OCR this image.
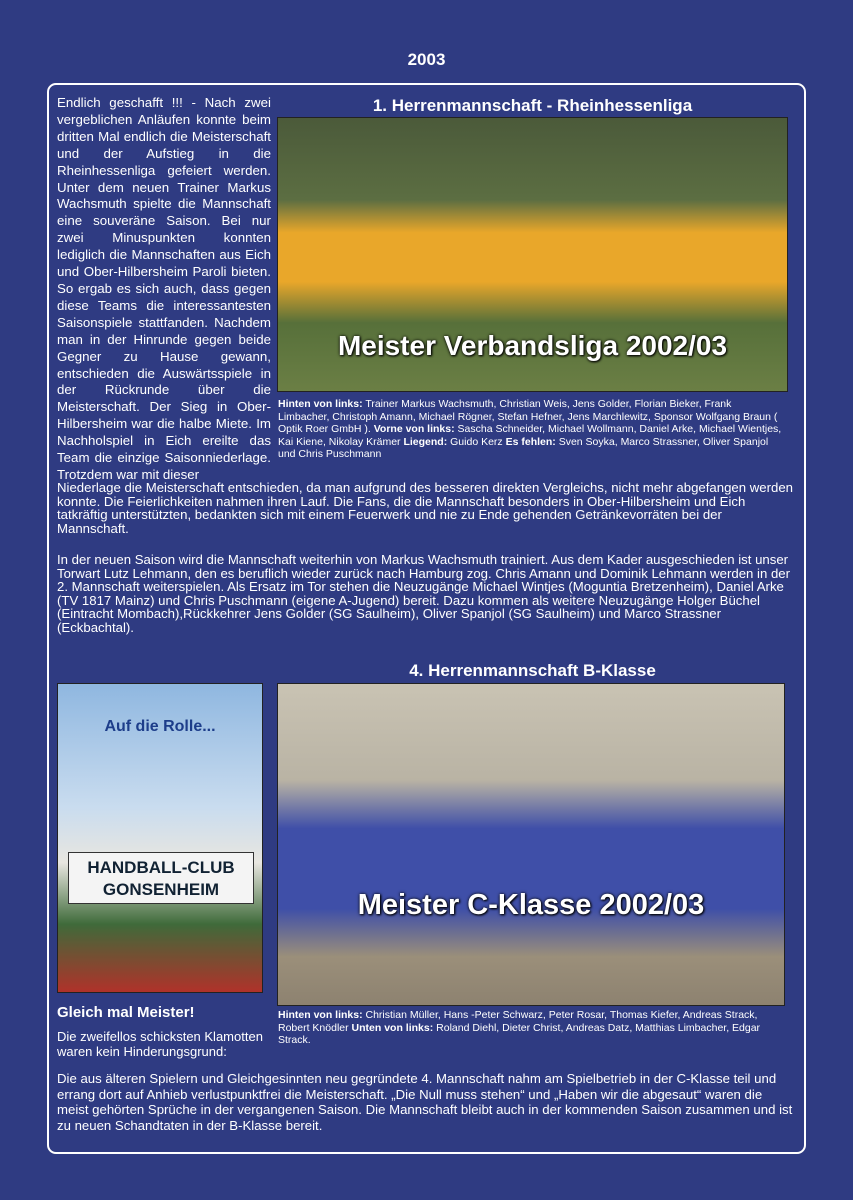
2003
Endlich geschafft !!! - Nach zwei vergeblichen Anläufen konnte beim dritten Mal endlich die Meisterschaft und der Aufstieg in die Rheinhessenliga gefeiert werden. Unter dem neuen Trainer Markus Wachsmuth spielte die Mannschaft eine souveräne Saison. Bei nur zwei Minuspunkten konnten lediglich die Mannschaften aus Eich und Ober-Hilbersheim Paroli bieten. So ergab es sich auch, dass gegen diese Teams die interessantesten Saisonspiele stattfanden. Nachdem man in der Hinrunde gegen beide Gegner zu Hause gewann, entschieden die Auswärtsspiele in der Rückrunde über die Meisterschaft. Der Sieg in Ober-Hilbersheim war die halbe Miete. Im Nachholspiel in Eich ereilte das Team die einzige Saisonniederlage. Trotzdem war mit dieser
1. Herrenmannschaft - Rheinhessenliga
Meister Verbandsliga 2002/03
Hinten von links: Trainer Markus Wachsmuth, Christian Weis, Jens Golder, Florian Bieker, Frank Limbacher, Christoph Amann, Michael Rögner, Stefan Hefner, Jens Marchlewitz, Sponsor Wolfgang Braun ( Optik Roer GmbH ). Vorne von links: Sascha Schneider, Michael Wollmann, Daniel Arke, Michael Wientjes, Kai Kiene, Nikolay Krämer Liegend: Guido Kerz Es fehlen: Sven Soyka, Marco Strassner, Oliver Spanjol und Chris Puschmann
Niederlage die Meisterschaft entschieden, da man aufgrund des besseren direkten Vergleichs, nicht mehr abgefangen werden konnte. Die Feierlichkeiten nahmen ihren Lauf. Die Fans, die die Mannschaft besonders in Ober-Hilbersheim und Eich tatkräftig unterstützten, bedankten sich mit einem Feuerwerk und nie zu Ende gehenden Getränkevorräten bei der Mannschaft.
In der neuen Saison wird die Mannschaft weiterhin von Markus Wachsmuth trainiert. Aus dem Kader ausgeschieden ist unser Torwart Lutz Lehmann, den es beruflich wieder zurück nach Hamburg zog. Chris Amann und Dominik Lehmann werden in der 2. Mannschaft weiterspielen. Als Ersatz im Tor stehen die Neuzugänge Michael Wintjes (Moguntia Bretzenheim), Daniel Arke (TV 1817 Mainz) und Chris Puschmann (eigene A-Jugend) bereit. Dazu kommen als weitere Neuzugänge Holger Büchel (Eintracht Mombach),Rückkehrer Jens Golder (SG Saulheim), Oliver Spanjol (SG Saulheim) und Marco Strassner (Eckbachtal).
4. Herrenmannschaft B-Klasse
Auf die Rolle...
HANDBALL-CLUB GONSENHEIM	Meister C-Klasse 2002/03
Hinten von links: Christian Müller, Hans -Peter Schwarz, Peter Rosar, Thomas Kiefer, Andreas Strack, Robert Knödler Unten von links: Roland Diehl, Dieter Christ, Andreas Datz, Matthias Limbacher, Edgar Strack.
Gleich mal Meister!
Die zweifellos schicksten Klamotten waren kein Hinderungsgrund:
Die aus älteren Spielern und Gleichgesinnten neu gegründete 4. Mannschaft nahm am Spielbetrieb in der C-Klasse teil und errang dort auf Anhieb verlustpunktfrei die Meisterschaft. „Die Null muss stehen“ und „Haben wir die abgesaut“ waren die meist gehörten Sprüche in der vergangenen Saison. Die Mannschaft bleibt auch in der kommenden Saison zusammen und ist zu neuen Schandtaten in der B-Klasse bereit.
